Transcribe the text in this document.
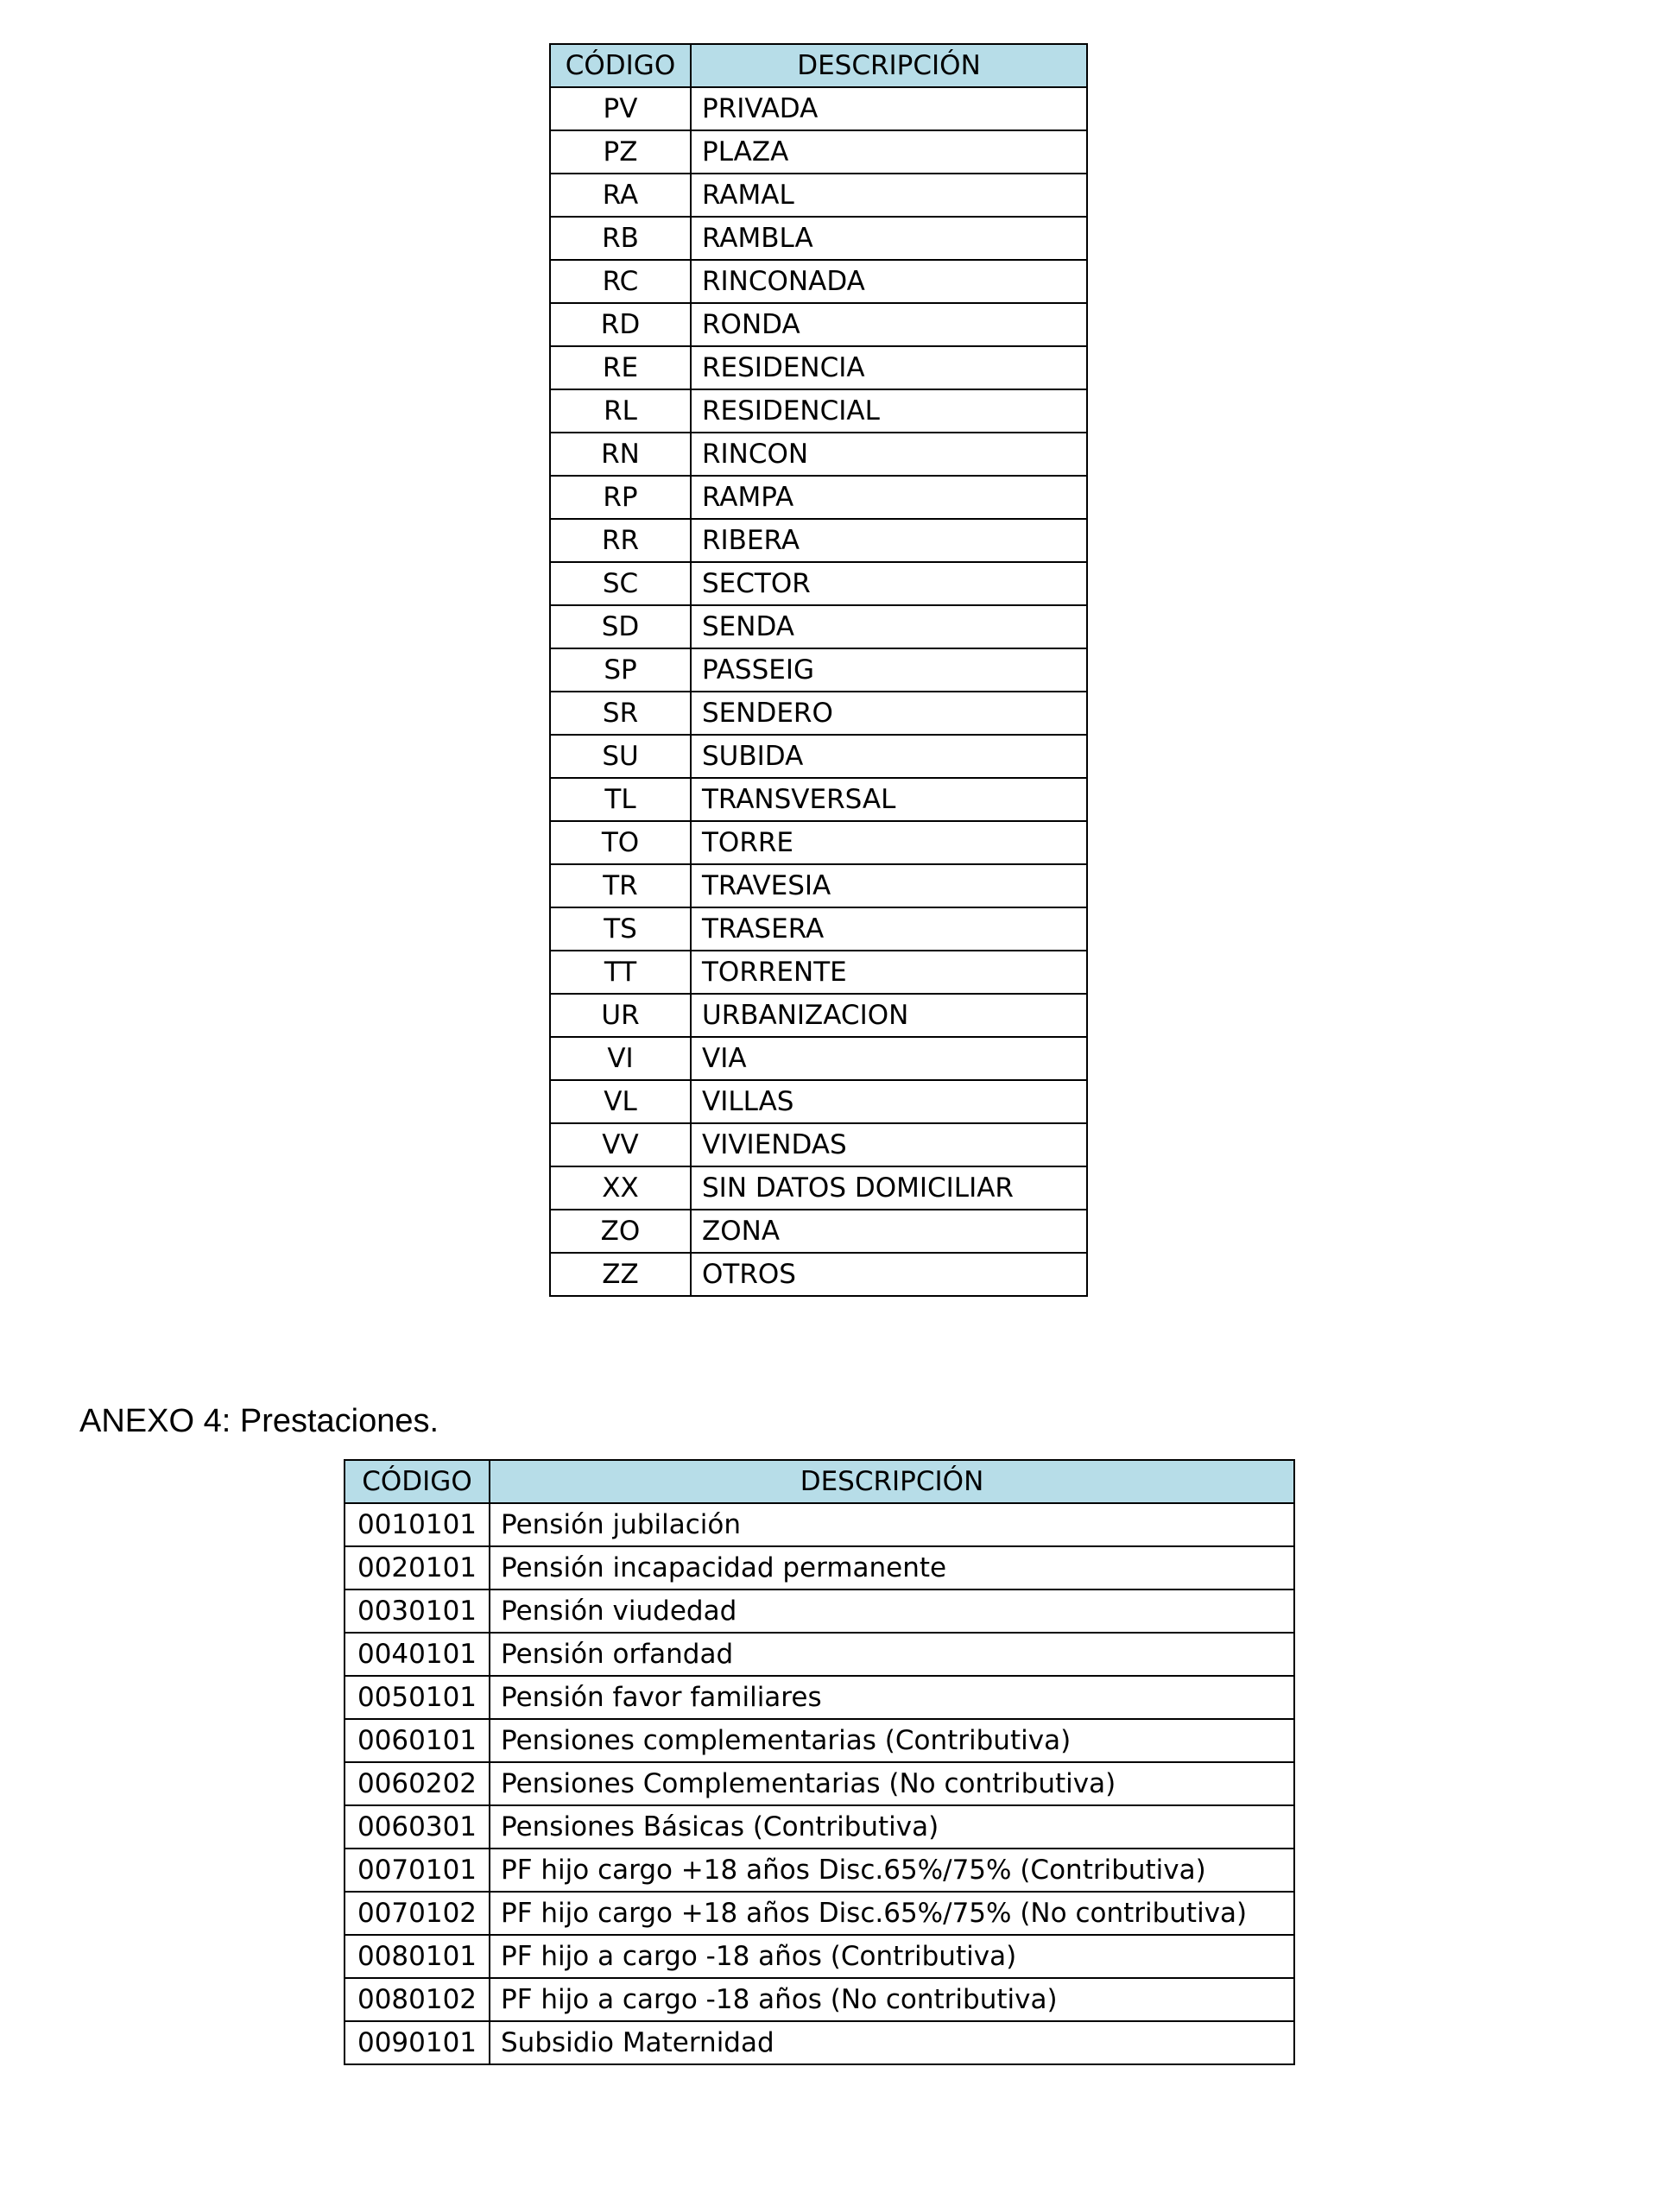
CÓDIGO	DESCRIPCIÓN
PV	PRIVADA
PZ	PLAZA
RA	RAMAL
RB	RAMBLA
RC	RINCONADA
RD	RONDA
RE	RESIDENCIA
RL	RESIDENCIAL
RN	RINCON
RP	RAMPA
RR	RIBERA
SC	SECTOR
SD	SENDA
SP	PASSEIG
SR	SENDERO
SU	SUBIDA
TL	TRANSVERSAL
TO	TORRE
TR	TRAVESIA
TS	TRASERA
TT	TORRENTE
UR	URBANIZACION
VI	VIA
VL	VILLAS
VV	VIVIENDAS
XX	SIN DATOS DOMICILIAR
ZO	ZONA
ZZ	OTROS
ANEXO 4: Prestaciones.
CÓDIGO	DESCRIPCIÓN
0010101	Pensión jubilación
0020101	Pensión incapacidad permanente
0030101	Pensión viudedad
0040101	Pensión orfandad
0050101	Pensión favor familiares
0060101	Pensiones complementarias (Contributiva)
0060202	Pensiones Complementarias (No contributiva)
0060301	Pensiones Básicas (Contributiva)
0070101	PF hijo cargo +18 años Disc.65%/75% (Contributiva)
0070102	PF hijo cargo +18 años Disc.65%/75% (No contributiva)
0080101	PF hijo a cargo -18 años (Contributiva)
0080102	PF hijo a cargo -18 años (No contributiva)
0090101	Subsidio Maternidad
